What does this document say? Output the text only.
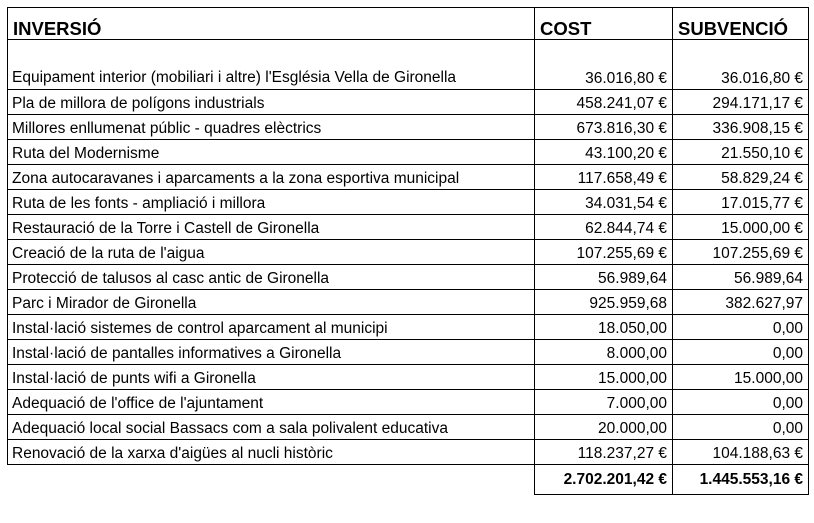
INVERSIÓ	COST	SUBVENCIÓ
Equipament interior (mobiliari i altre) l'Església Vella de Gironella	36.016,80 €	36.016,80 €
Pla de millora de polígons industrials	458.241,07 €	294.171,17 €
Millores enllumenat públic - quadres elèctrics	673.816,30 €	336.908,15 €
Ruta del Modernisme	43.100,20 €	21.550,10 €
Zona autocaravanes i aparcaments a la zona esportiva municipal	117.658,49 €	58.829,24 €
Ruta de les fonts - ampliació i millora	34.031,54 €	17.015,77 €
Restauració de la Torre i Castell de Gironella	62.844,74 €	15.000,00 €
Creació de la ruta de l'aigua	107.255,69 €	107.255,69 €
Protecció de talusos al casc antic de Gironella	56.989,64	56.989,64
Parc i Mirador de Gironella	925.959,68	382.627,97
Instal·lació sistemes de control aparcament al municipi	18.050,00	0,00
Instal·lació de pantalles informatives a Gironella	8.000,00	0,00
Instal·lació de punts wifi a Gironella	15.000,00	15.000,00
Adequació de l'office de l'ajuntament	7.000,00	0,00
Adequació local social Bassacs com a sala polivalent educativa	20.000,00	0,00
Renovació de la xarxa d'aigües al nucli històric	118.237,27 €	104.188,63 €
	2.702.201,42 €	1.445.553,16 €
